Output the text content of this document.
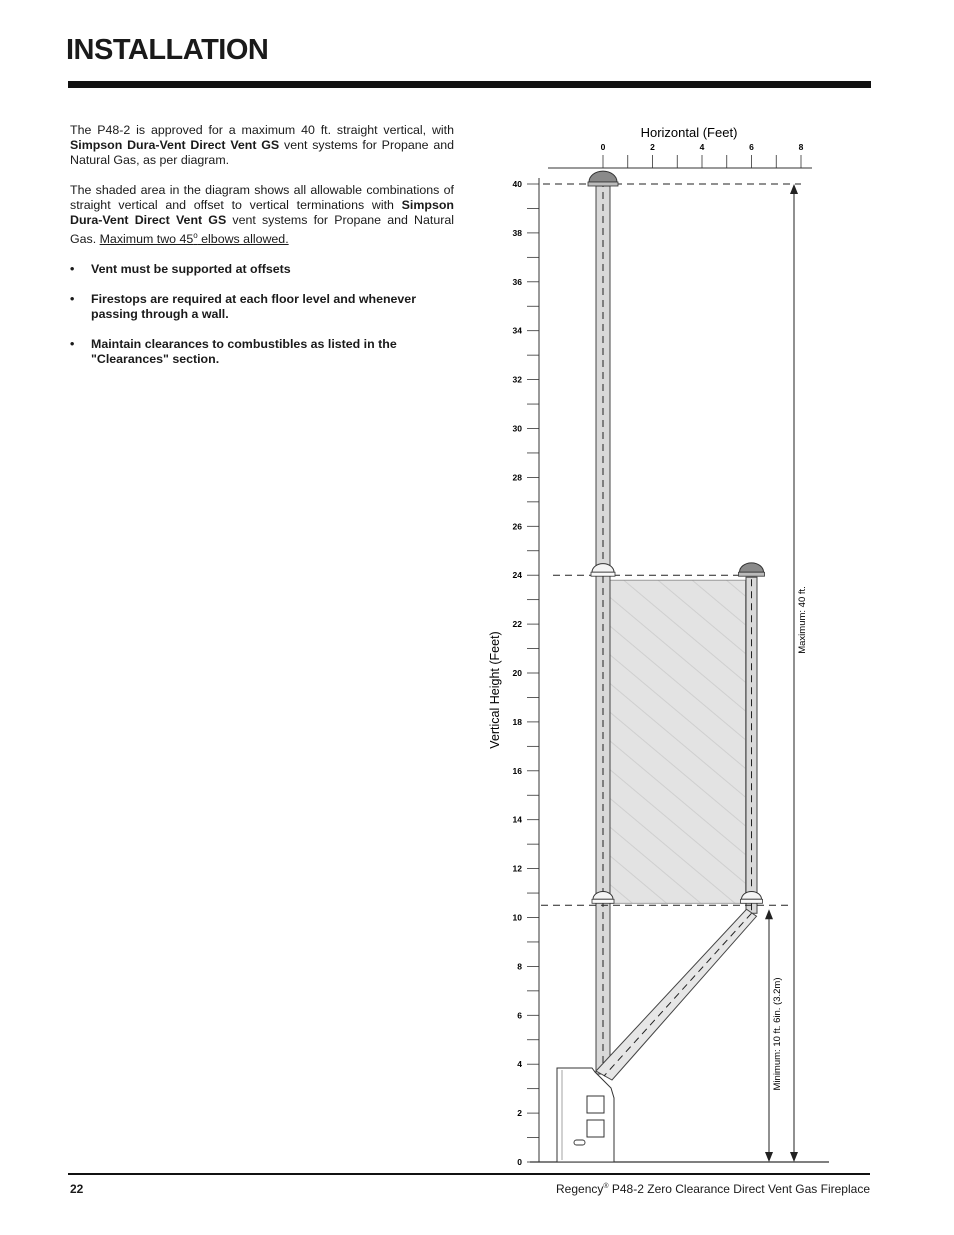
INSTALLATION

The P48-2 is approved for a maximum 40 ft. straight vertical, with Simpson Dura-Vent Direct Vent GS vent systems for Propane and Natural Gas, as per diagram.

The shaded area in the diagram shows all allowable combinations of straight vertical and offset to vertical terminations with Simpson Dura-Vent Direct Vent GS vent systems for Propane and Natural Gas. Maximum two 45$^o$ elbows allowed.

• Vent must be supported at offsets
• Firestops are required at each floor level and whenever passing through a wall.
• Maintain clearances to combustibles as listed in the "Clearances" section.
Horizontal (Feet)
0	2	4	6	8
0
2
4
6
8
10
12
14
16
18
20
22
24
26
28
30
32
34
36
38
40
Vertical Height (Feet)
Maximum: 40 ft.
Minimum: 10 ft. 6in. (3.2m)
22	Regency® P48-2 Zero Clearance Direct Vent Gas Fireplace
